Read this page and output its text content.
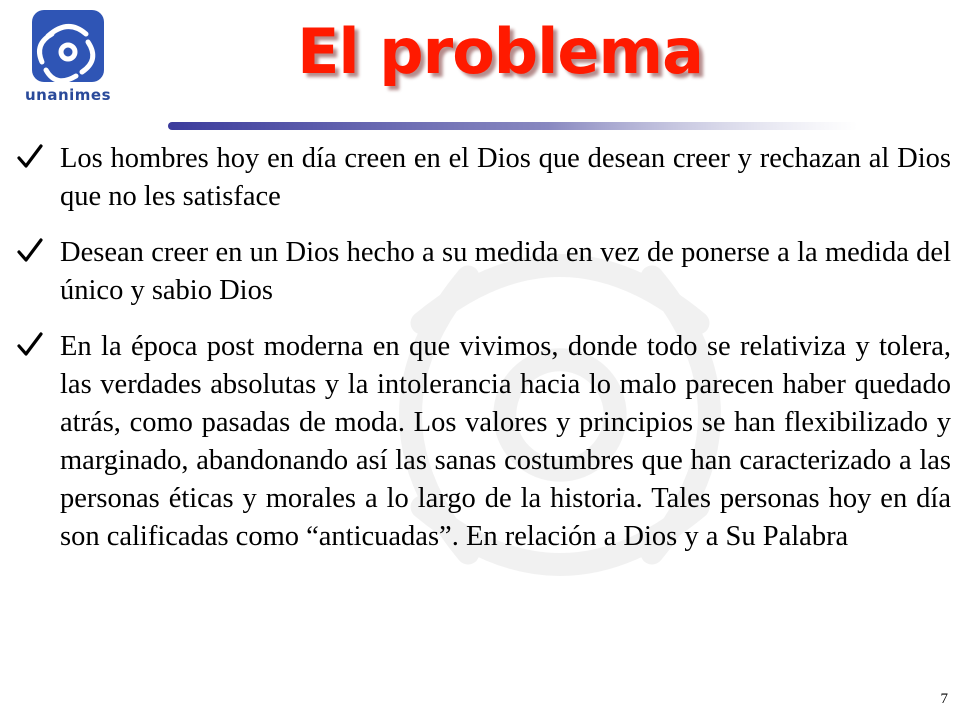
unanimes
El problema
Los hombres hoy en día creen en el Dios que desean creer y rechazan al Dios que no les satisface
Desean creer en un Dios hecho a su medida en vez de ponerse a la medida del único y sabio Dios
En la época post moderna en que vivimos, donde todo se relativiza y tolera, las verdades absolutas y la intolerancia hacia lo malo parecen haber quedado atrás, como pasadas de moda. Los valores y principios se han flexibilizado y marginado, abandonando así las sanas costumbres que han caracterizado a las personas éticas y morales a lo largo de la historia. Tales personas hoy en día son calificadas como “anticuadas”. En relación a Dios y a Su Palabra
7
